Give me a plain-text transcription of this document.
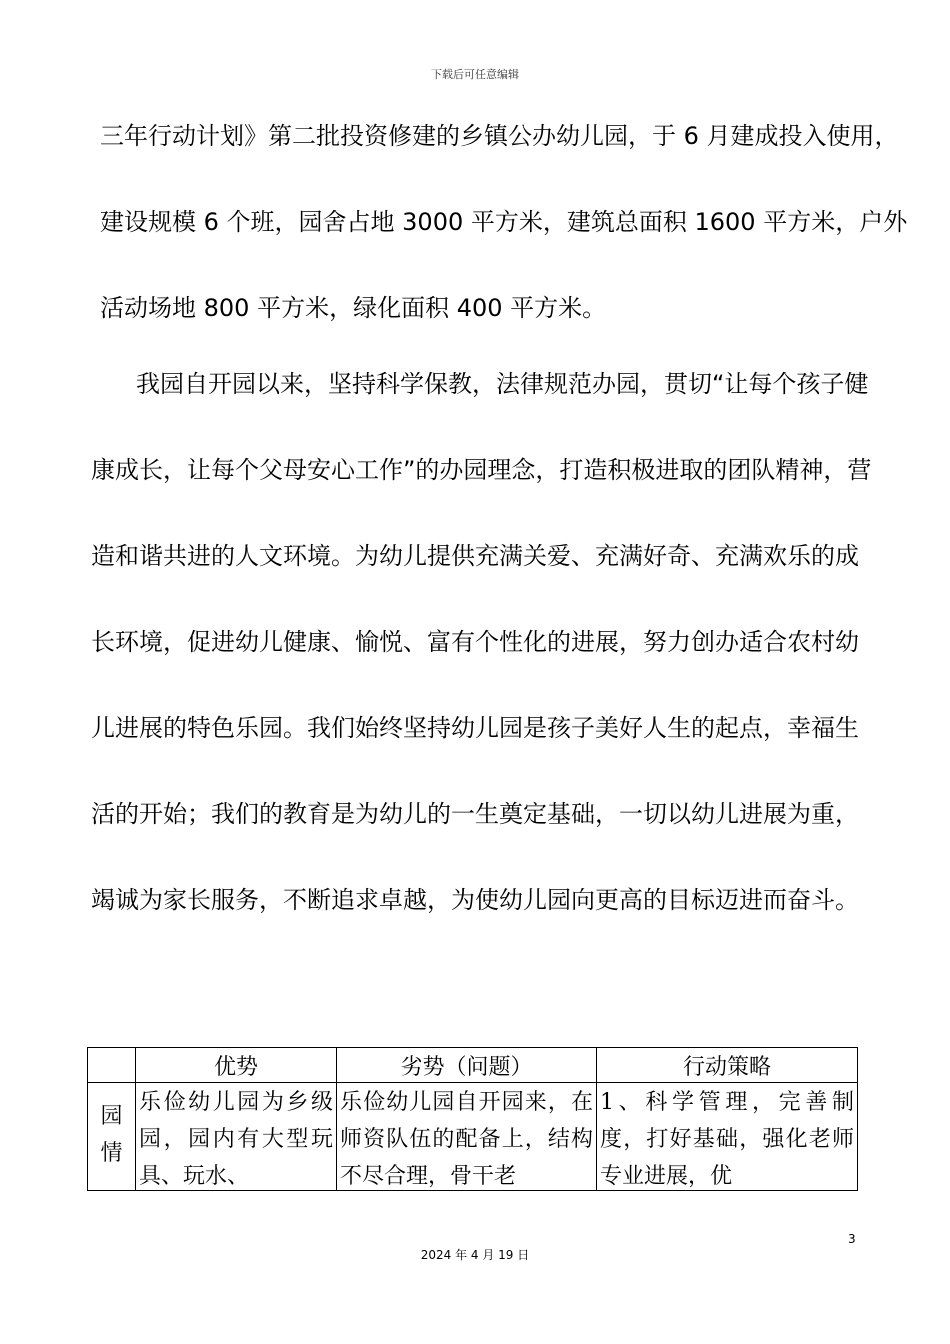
下载后可任意编辑
三年行动计划》第二批投资修建的乡镇公办幼儿园，于 6 月建成投入使用，
建设规模 6 个班，园舍占地 3000 平方米，建筑总面积 1600 平方米，户外
活动场地 800 平方米，绿化面积 400 平方米。
我园自开园以来，坚持科学保教，法律规范办园，贯切“让每个孩子健
康成长，让每个父母安心工作”的办园理念，打造积极进取的团队精神，营
造和谐共进的人文环境。为幼儿提供充满关爱、充满好奇、充满欢乐的成
长环境，促进幼儿健康、愉悦、富有个性化的进展，努力创办适合农村幼
儿进展的特色乐园。我们始终坚持幼儿园是孩子美好人生的起点，幸福生
活的开始；我们的教育是为幼儿的一生奠定基础，一切以幼儿进展为重，
竭诚为家长服务，不断追求卓越，为使幼儿园向更高的目标迈进而奋斗。
	优势	劣势（问题）	行动策略

园情	乐俭幼儿园为乡级园，园内有大型玩具、玩水、	乐俭幼儿园自开园来，在师资队伍的配备上，结构不尽合理，骨干老	1、科学管理，完善制度，打好基础，强化老师专业进展，优
3
2024 年 4 月 19 日
